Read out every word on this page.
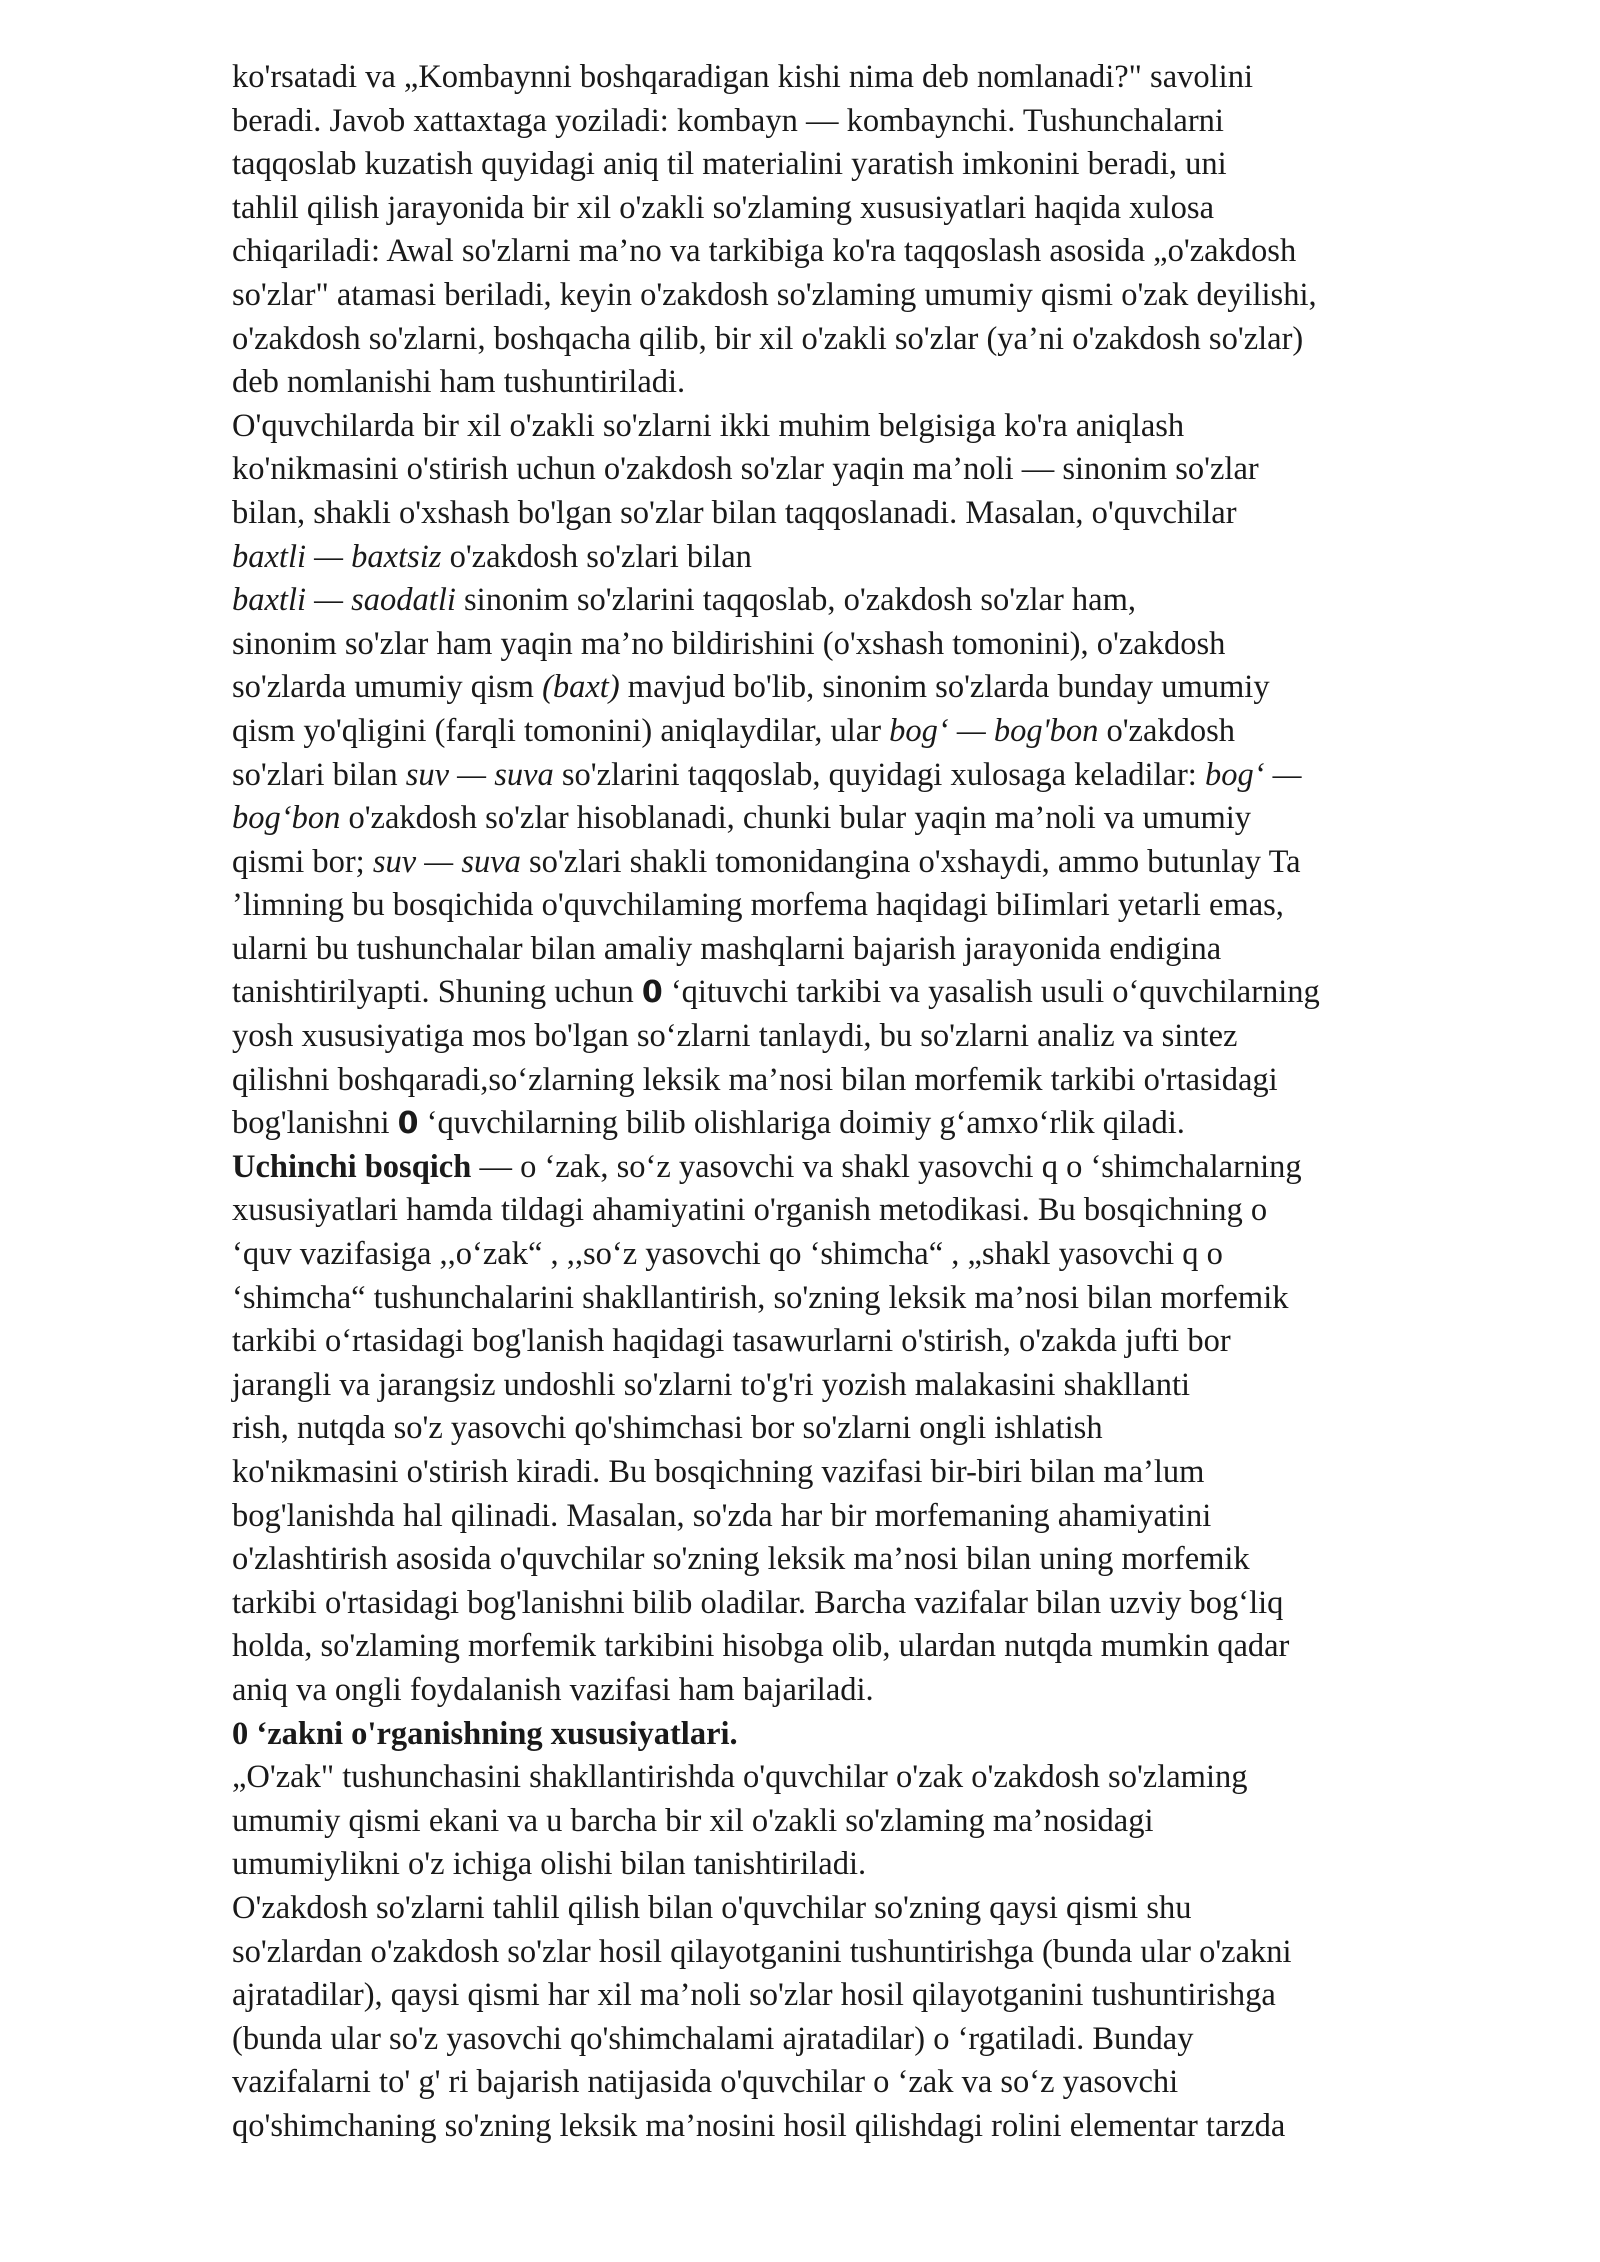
ko'rsatadi va „Kombaynni boshqaradigan kishi nima deb nomlanadi?" savolini
beradi. Javob xattaxtaga yoziladi: kombayn — kombaynchi. Tushunchalarni
taqqoslab kuzatish quyidagi aniq til materialini yaratish imkonini beradi, uni
tahlil qilish jarayonida bir xil o'zakli so'zlaming xususiyatlari haqida xulosa
chiqariladi: Awal so'zlarni ma’no va tarkibiga ko'ra taqqoslash asosida „o'zakdosh
so'zlar" atamasi beriladi, keyin o'zakdosh so'zlaming umumiy qismi o'zak deyilishi,
o'zakdosh so'zlarni, boshqacha qilib, bir xil o'zakli so'zlar (ya’ni o'zakdosh so'zlar)
deb nomlanishi ham tushuntiriladi.
O'quvchilarda bir xil o'zakli so'zlarni ikki muhim belgisiga ko'ra aniqlash
ko'nikmasini o'stirish uchun o'zakdosh so'zlar yaqin ma’noli — sinonim so'zlar
bilan, shakli o'xshash bo'lgan so'zlar bilan taqqoslanadi. Masalan, o'quvchilar
baxtli — baxtsiz o'zakdosh so'zlari bilan
baxtli — saodatli sinonim so'zlarini taqqoslab, o'zakdosh so'zlar ham,
sinonim so'zlar ham yaqin ma’no bildirishini (o'xshash tomonini), o'zakdosh
so'zlarda umumiy qism (baxt) mavjud bo'lib, sinonim so'zlarda bunday umumiy
qism yo'qligini (farqli tomonini) aniqlaydilar, ular bog‘ — bog'bon o'zakdosh
so'zlari bilan suv — suva so'zlarini taqqoslab, quyidagi xulosaga keladilar: bog‘ —
bog‘bon o'zakdosh so'zlar hisoblanadi, chunki bular yaqin ma’noli va umumiy
qismi bor; suv — suva so'zlari shakli tomonidangina o'xshaydi, ammo butunlay Ta
’limning bu bosqichida o'quvchilaming morfema haqidagi biIimlari yetarli emas,
ularni bu tushunchalar bilan amaliy mashqlarni bajarish jarayonida endigina
tanishtirilyapti. Shuning uchun 0 ‘qituvchi tarkibi va yasalish usuli o‘quvchilarning
yosh xususiyatiga mos bo'lgan so‘zlarni tanlaydi, bu so'zlarni analiz va sintez
qilishni boshqaradi,so‘zlarning leksik ma’nosi bilan morfemik tarkibi o'rtasidagi
bog'lanishni 0 ‘quvchilarning bilib olishlariga doimiy g‘amxo‘rlik qiladi.
Uchinchi bosqich — o ‘zak, so‘z yasovchi va shakl yasovchi q o ‘shimchalarning
xususiyatlari hamda tildagi ahamiyatini o'rganish metodikasi. Bu bosqichning o
‘quv vazifasiga ,,o‘zak“ , ,,so‘z yasovchi qo ‘shimcha“ , „shakl yasovchi q o
‘shimcha“ tushunchalarini shakllantirish, so'zning leksik ma’nosi bilan morfemik
tarkibi o‘rtasidagi bog'lanish haqidagi tasawurlarni o'stirish, o'zakda jufti bor
jarangli va jarangsiz undoshli so'zlarni to'g'ri yozish malakasini shakllanti
rish, nutqda so'z yasovchi qo'shimchasi bor so'zlarni ongli ishlatish
ko'nikmasini o'stirish kiradi. Bu bosqichning vazifasi bir-biri bilan ma’lum
bog'lanishda hal qilinadi. Masalan, so'zda har bir morfemaning ahamiyatini
o'zlashtirish asosida o'quvchilar so'zning leksik ma’nosi bilan uning morfemik
tarkibi o'rtasidagi bog'lanishni bilib oladilar. Barcha vazifalar bilan uzviy bog‘liq
holda, so'zlaming morfemik tarkibini hisobga olib, ulardan nutqda mumkin qadar
aniq va ongli foydalanish vazifasi ham bajariladi.
0 ‘zakni o'rganishning xususiyatlari.
„O'zak" tushunchasini shakllantirishda o'quvchilar o'zak o'zakdosh so'zlaming
umumiy qismi ekani va u barcha bir xil o'zakli so'zlaming ma’nosidagi
umumiylikni o'z ichiga olishi bilan tanishtiriladi.
O'zakdosh so'zlarni tahlil qilish bilan o'quvchilar so'zning qaysi qismi shu
so'zlardan o'zakdosh so'zlar hosil qilayotganini tushuntirishga (bunda ular o'zakni
ajratadilar), qaysi qismi har xil ma’noli so'zlar hosil qilayotganini tushuntirishga
(bunda ular so'z yasovchi qo'shimchalami ajratadilar) o ‘rgatiladi. Bunday
vazifalarni to' g' ri bajarish natijasida o'quvchilar o ‘zak va so‘z yasovchi
qo'shimchaning so'zning leksik ma’nosini hosil qilishdagi rolini elementar tarzda
